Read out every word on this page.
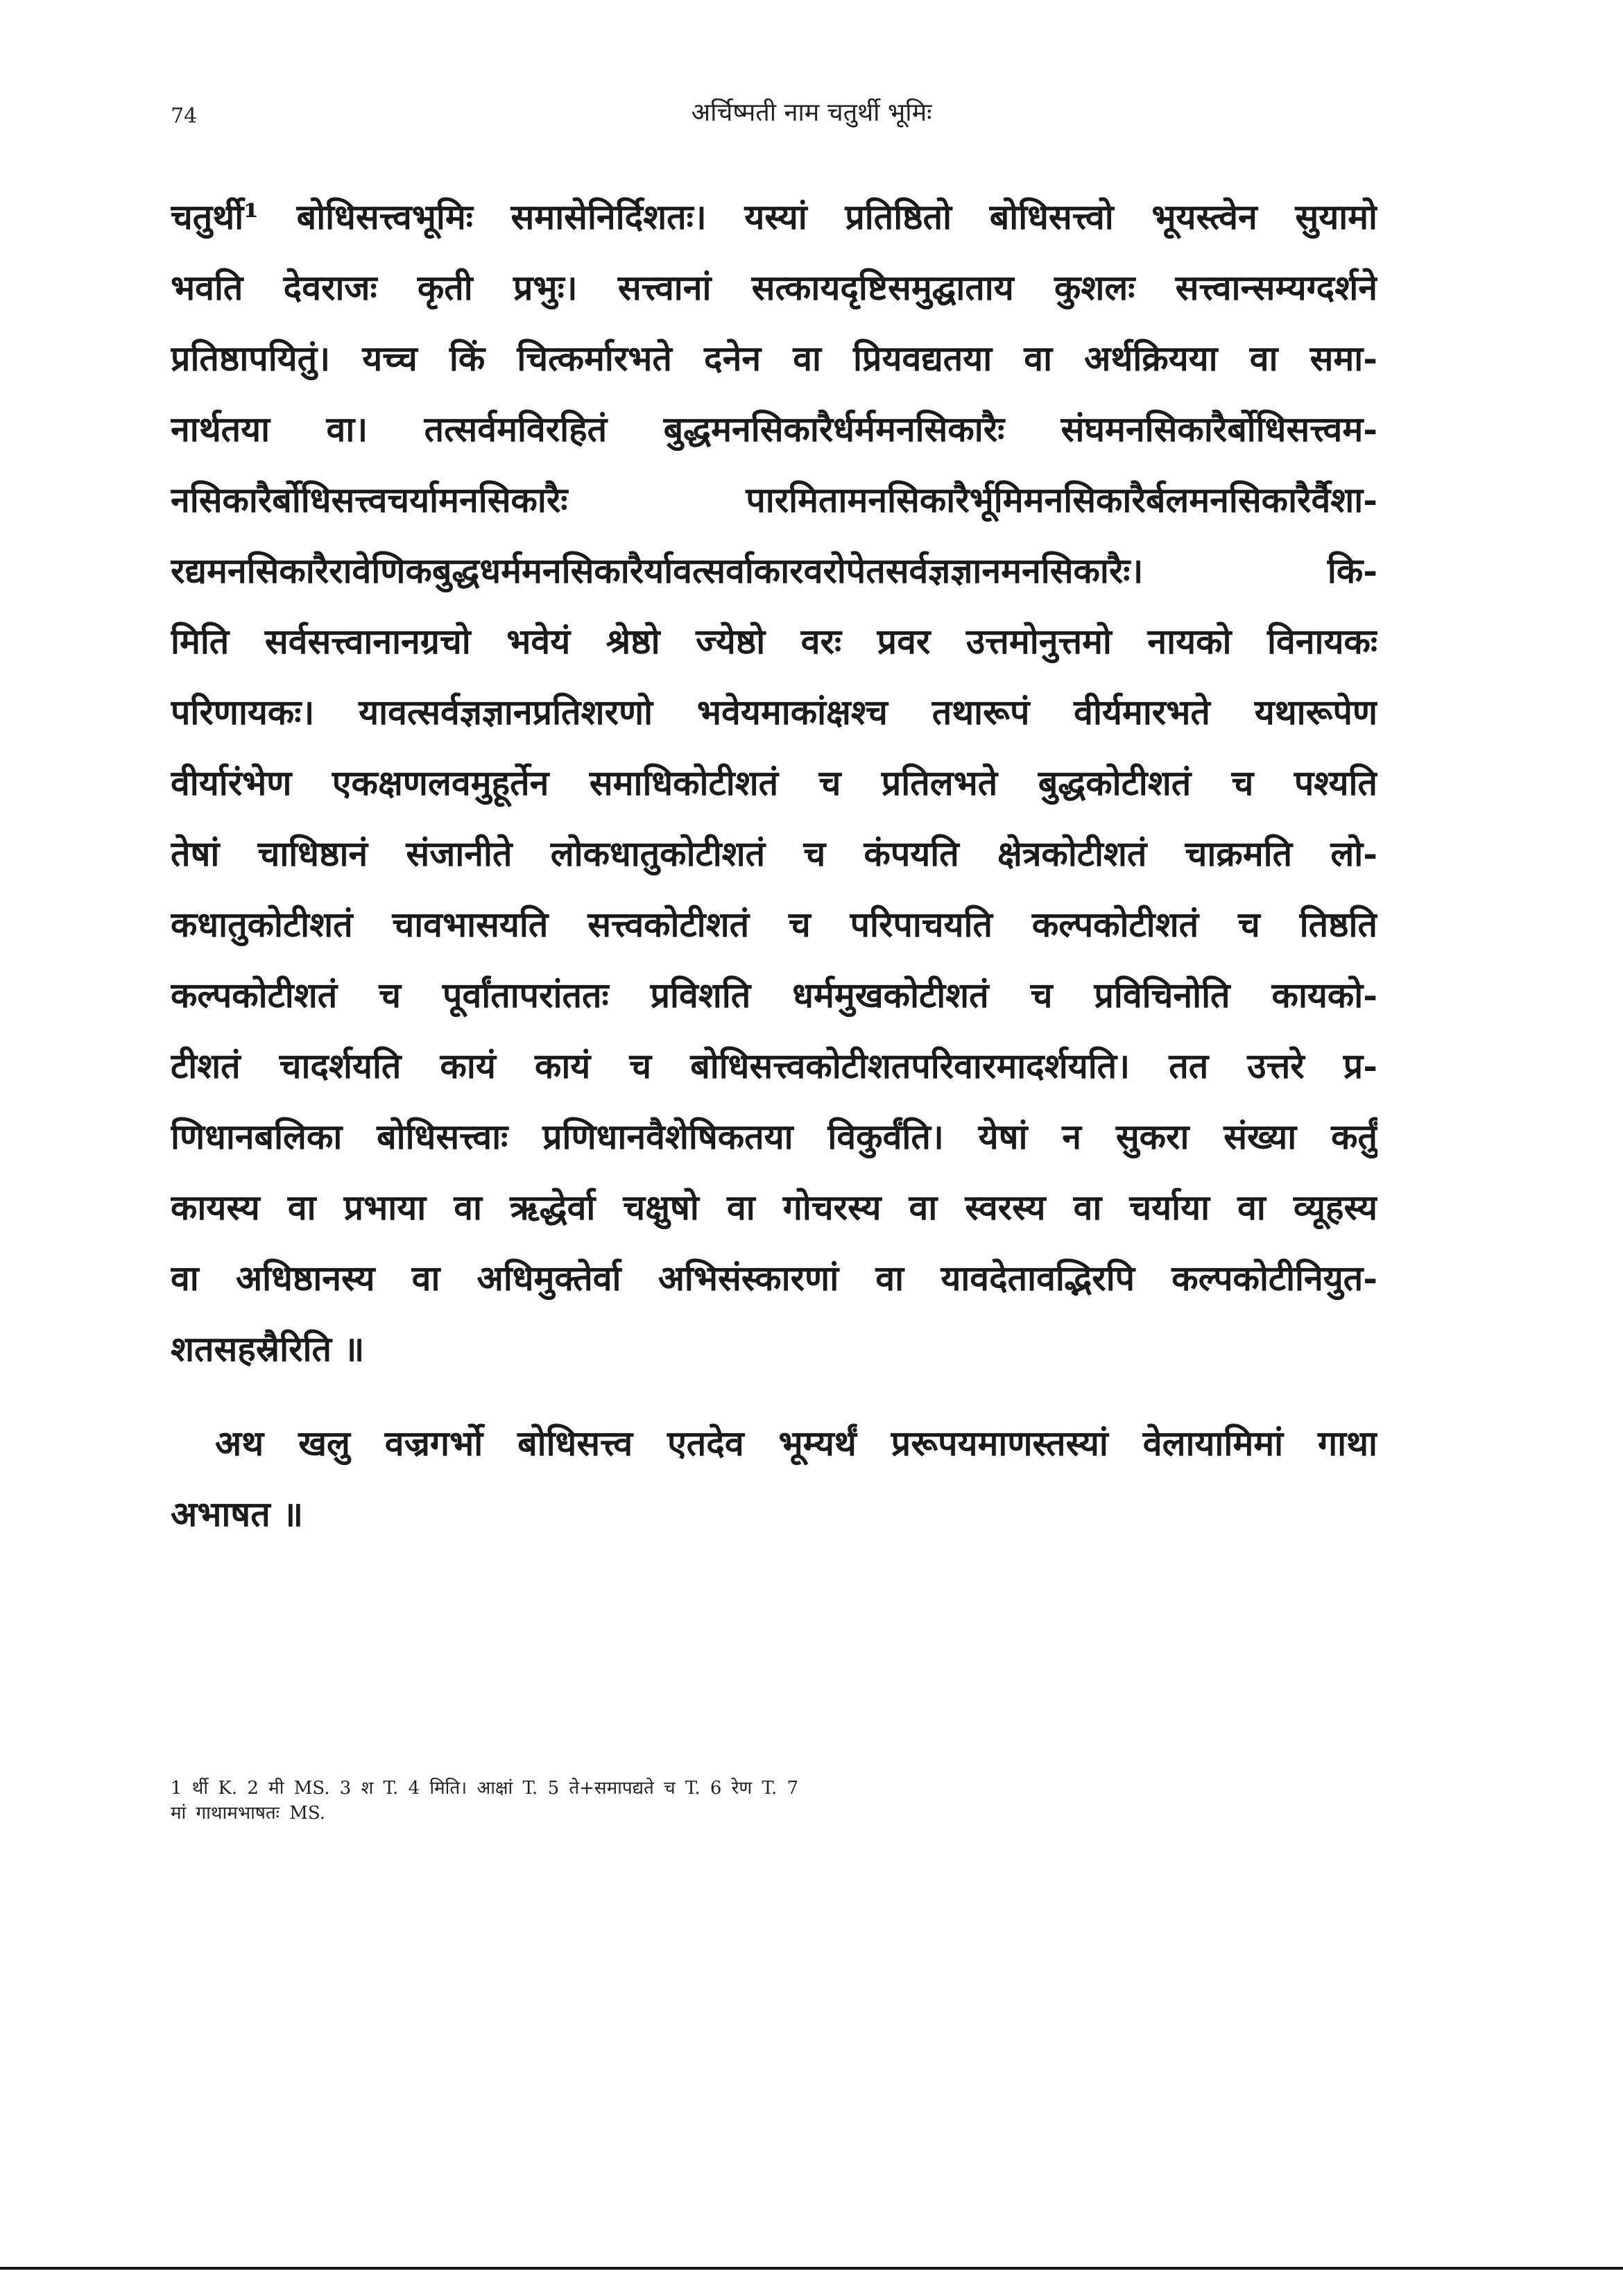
74	अर्चिष्मती नाम चतुर्थी भूमिः
चतुर्थी¹ बोधिसत्त्वभूमिः समासेनिर्दिशतः। यस्यां प्रतिष्ठितो बोधिसत्त्वो भूयस्त्वेन सुयामो
भवति देवराजः कृती प्रभुः। सत्त्वानां सत्कायदृष्टिसमुद्घाताय कुशलः सत्त्वान्सम्यग्दर्शने
प्रतिष्ठापयितुं। यच्च किं चित्कर्मारभते दनेन वा प्रियवद्यतया वा अर्थक्रियया वा समा-
नार्थतया वा। तत्सर्वमविरहितं बुद्धमनसिकारैर्धर्ममनसिकारैः संघमनसिकारैर्बोधिसत्त्वम-
नसिकारैर्बोधिसत्त्वचर्यामनसिकारैः पारमितामनसिकारैर्भूमिमनसिकारैर्बलमनसिकारैर्वैशा-
रद्यमनसिकारैरावेणिकबुद्धधर्ममनसिकारैर्यावत्सर्वाकारवरोपेतसर्वज्ञज्ञानमनसिकारैः। कि-
मिति सर्वसत्त्वानानग्रचो भवेयं श्रेष्ठो ज्येष्ठो वरः प्रवर उत्तमोनुत्तमो नायको विनायकः
परिणायकः। यावत्सर्वज्ञज्ञानप्रतिशरणो भवेयमाकांक्षश्च तथारूपं वीर्यमारभते यथारूपेण
वीर्यारंभेण एकक्षणलवमुहूर्तेन समाधिकोटीशतं च प्रतिलभते बुद्धकोटीशतं च पश्यति
तेषां चाधिष्ठानं संजानीते लोकधातुकोटीशतं च कंपयति क्षेत्रकोटीशतं चाक्रमति लो-
कधातुकोटीशतं चावभासयति सत्त्वकोटीशतं च परिपाचयति कल्पकोटीशतं च तिष्ठति
कल्पकोटीशतं च पूर्वांतापरांततः प्रविशति धर्ममुखकोटीशतं च प्रविचिनोति कायको-
टीशतं चादर्शयति कायं कायं च बोधिसत्त्वकोटीशतपरिवारमादर्शयति। तत उत्तरे प्र-
णिधानबलिका बोधिसत्त्वाः प्रणिधानवैशेषिकतया विकुर्वंति। येषां न सुकरा संख्या कर्तुं
कायस्य वा प्रभाया वा ऋद्धेर्वा चक्षुषो वा गोचरस्य वा स्वरस्य वा चर्याया वा व्यूहस्य
वा अधिष्ठानस्य वा अधिमुक्तेर्वा अभिसंस्कारणां वा यावदेतावद्भिरपि कल्पकोटीनियुत-
शतसहस्रैरिति ॥
अथ खलु वज्रगर्भो बोधिसत्त्व एतदेव भूम्यर्थं प्ररूपयमाणस्तस्यां वेलायामिमां गाथा
अभाषत ॥
1 र्थी K. 2 मी MS. 3 श T. 4 मिति। आक्षां T. 5 ते+समापद्यते च T. 6 रेण T. 7
मां गाथामभाषतः MS.
